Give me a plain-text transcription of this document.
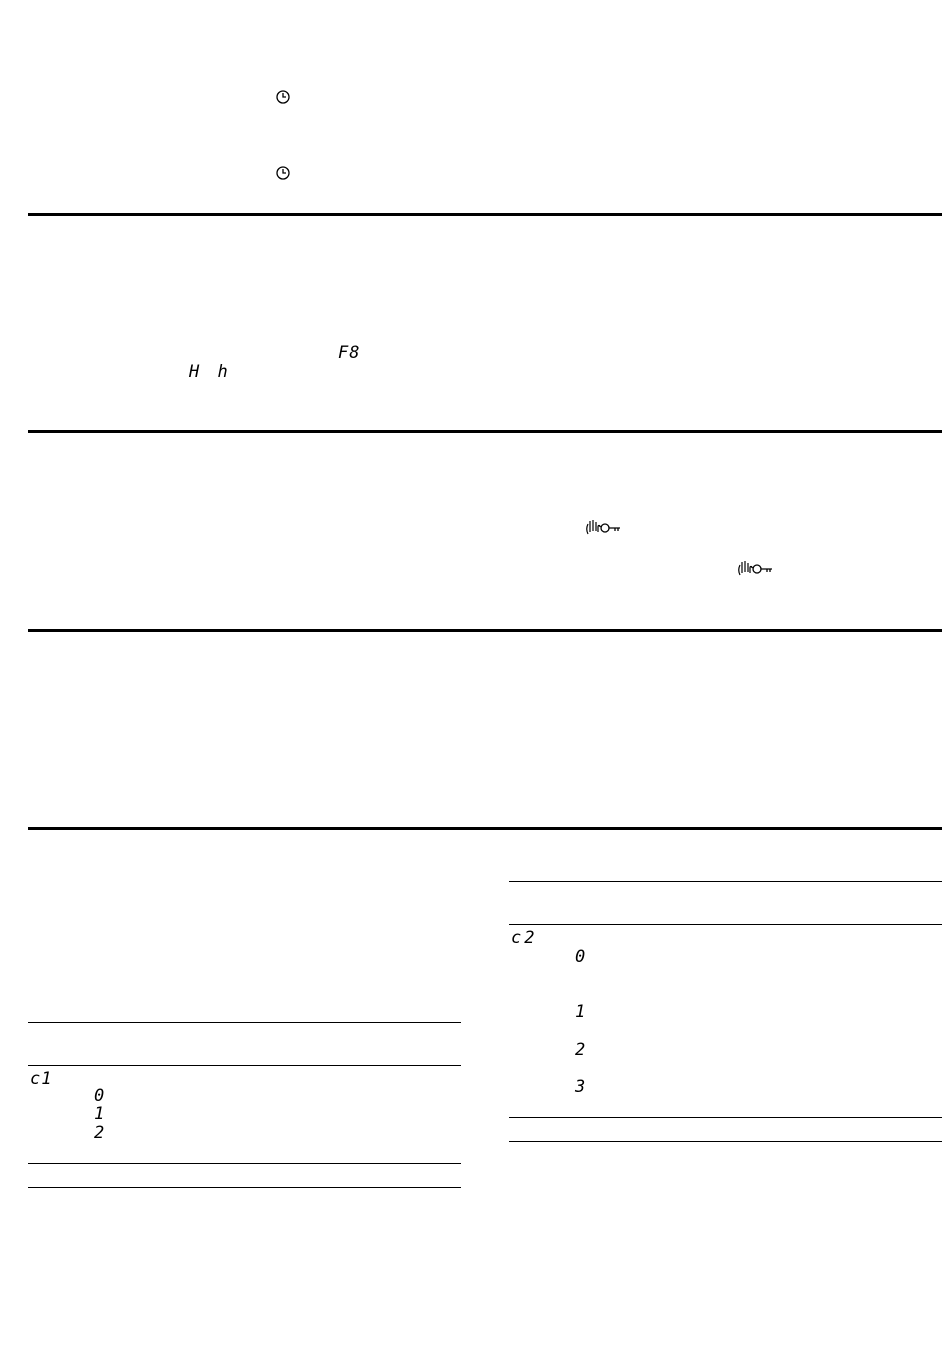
F8
H h
c1
0
1
2
c2
0
1
2
3
